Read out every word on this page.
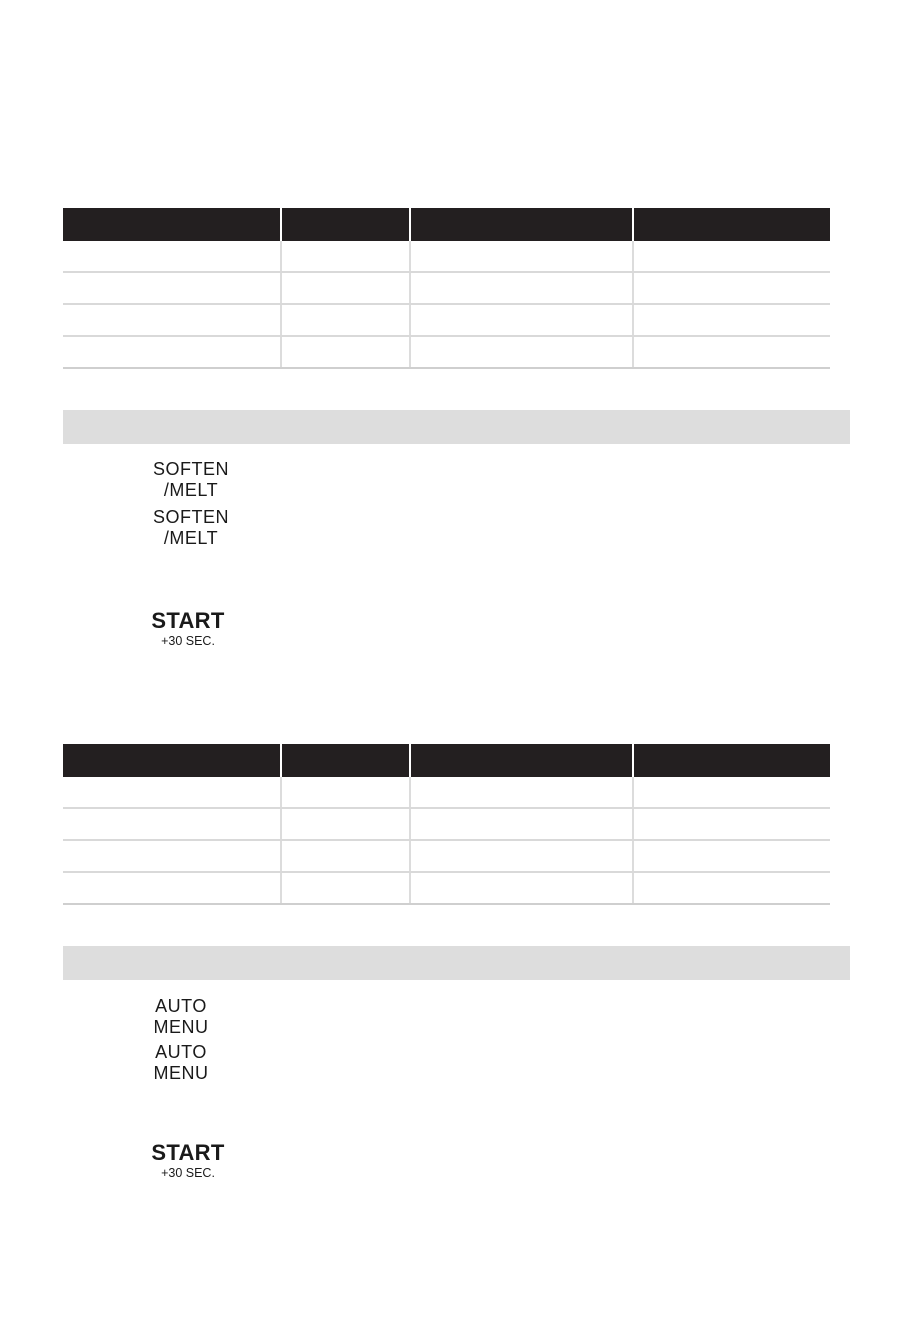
SOFTEN
/MELT
SOFTEN
/MELT
START
+30 SEC.
AUTO
MENU
AUTO
MENU
START
+30 SEC.
